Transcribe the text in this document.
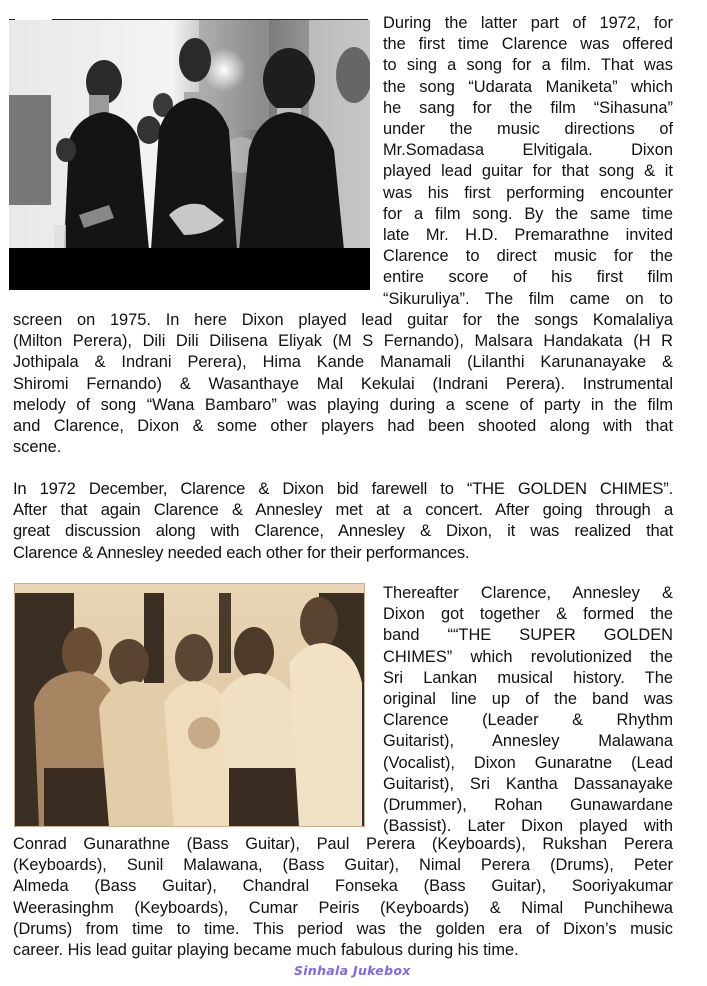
During the latter part of 1972, for
the first time Clarence was offered
to sing a song for a film. That was
the song “Udarata Maniketa” which
he sang for the film “Sihasuna”
under the music directions of
Mr.Somadasa Elvitigala. Dixon
played lead guitar for that song & it
was his first performing encounter
for a film song. By the same time
late Mr. H.D. Premarathne invited
Clarence to direct music for the
entire score of his first film
“Sikuruliya”. The film came on to

screen on 1975. In here Dixon played lead guitar for the songs Komalaliya
(Milton Perera), Dili Dili Dilisena Eliyak (M S Fernando), Malsara Handakata (H R
Jothipala & Indrani Perera), Hima Kande Manamali (Lilanthi Karunanayake &
Shiromi Fernando) & Wasanthaye Mal Kekulai (Indrani Perera). Instrumental
melody of song “Wana Bambaro” was playing during a scene of party in the film
and Clarence, Dixon & some other players had been shooted along with that
scene.

In 1972 December, Clarence & Dixon bid farewell to “THE GOLDEN CHIMES”.
After that again Clarence & Annesley met at a concert. After going through a
great discussion along with Clarence, Annesley & Dixon, it was realized that
Clarence & Annesley needed each other for their performances.

Thereafter Clarence, Annesley &
Dixon got together & formed the
band ““THE SUPER GOLDEN
CHIMES” which revolutionized the
Sri Lankan musical history. The
original line up of the band was
Clarence (Leader & Rhythm
Guitarist), Annesley Malawana
(Vocalist), Dixon Gunaratne (Lead
Guitarist), Sri Kantha Dassanayake
(Drummer), Rohan Gunawardane
(Bassist). Later Dixon played with

Conrad Gunarathne (Bass Guitar), Paul Perera (Keyboards), Rukshan Perera
(Keyboards), Sunil Malawana, (Bass Guitar), Nimal Perera (Drums), Peter
Almeda (Bass Guitar), Chandral Fonseka (Bass Guitar), Sooriyakumar
Weerasinghm (Keyboards), Cumar Peiris (Keyboards) & Nimal Punchihewa
(Drums) from time to time. This period was the golden era of Dixon’s music
career. His lead guitar playing became much fabulous during his time.

Sinhala Jukebox
